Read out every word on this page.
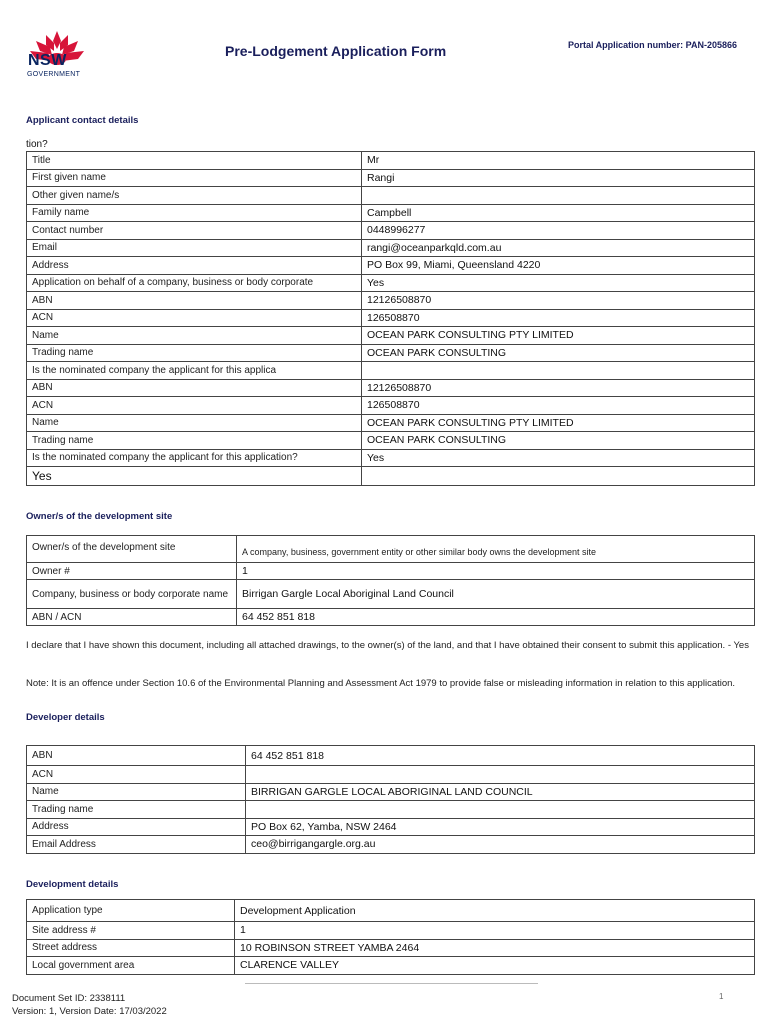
NSW
GOVERNMENT
Pre-Lodgement Application Form	Portal Application number: PAN-205866
Applicant contact details
tion?
Title	Mr
First given name	Rangi
Other given name/s	
Family name	Campbell
Contact number	0448996277
Email	rangi@oceanparkqld.com.au
Address	PO Box 99, Miami, Queensland 4220
Application on behalf of a company, business or body corporate	Yes
ABN	12126508870
ACN	126508870
Name	OCEAN PARK CONSULTING PTY LIMITED
Trading name	OCEAN PARK CONSULTING
Is the nominated company the applicant for this applica	
ABN	12126508870
ACN	126508870
Name	OCEAN PARK CONSULTING PTY LIMITED
Trading name	OCEAN PARK CONSULTING
Is the nominated company the applicant for this application?	Yes
Yes	
Owner/s of the development site
Owner/s of the development site	A company, business, government entity or other similar body owns the development site
Owner #	1
Company, business or body corporate name	Birrigan Gargle Local Aboriginal Land Council
ABN / ACN	64 452 851 818
I declare that I have shown this document, including all attached drawings, to the owner(s) of the land, and that I have obtained their consent to submit this application. - Yes
Note: It is an offence under Section 10.6 of the Environmental Planning and Assessment Act 1979 to provide false or misleading information in relation to this application.
Developer details
ABN	64 452 851 818
ACN	
Name	BIRRIGAN GARGLE LOCAL ABORIGINAL LAND COUNCIL
Trading name	
Address	PO Box 62, Yamba, NSW 2464
Email Address	ceo@birrigangargle.org.au
Development details
Application type	Development Application
Site address #	1
Street address	10 ROBINSON STREET YAMBA 2464
Local government area	CLARENCE VALLEY
Document Set ID: 2338111
Version: 1, Version Date: 17/03/2022
1
